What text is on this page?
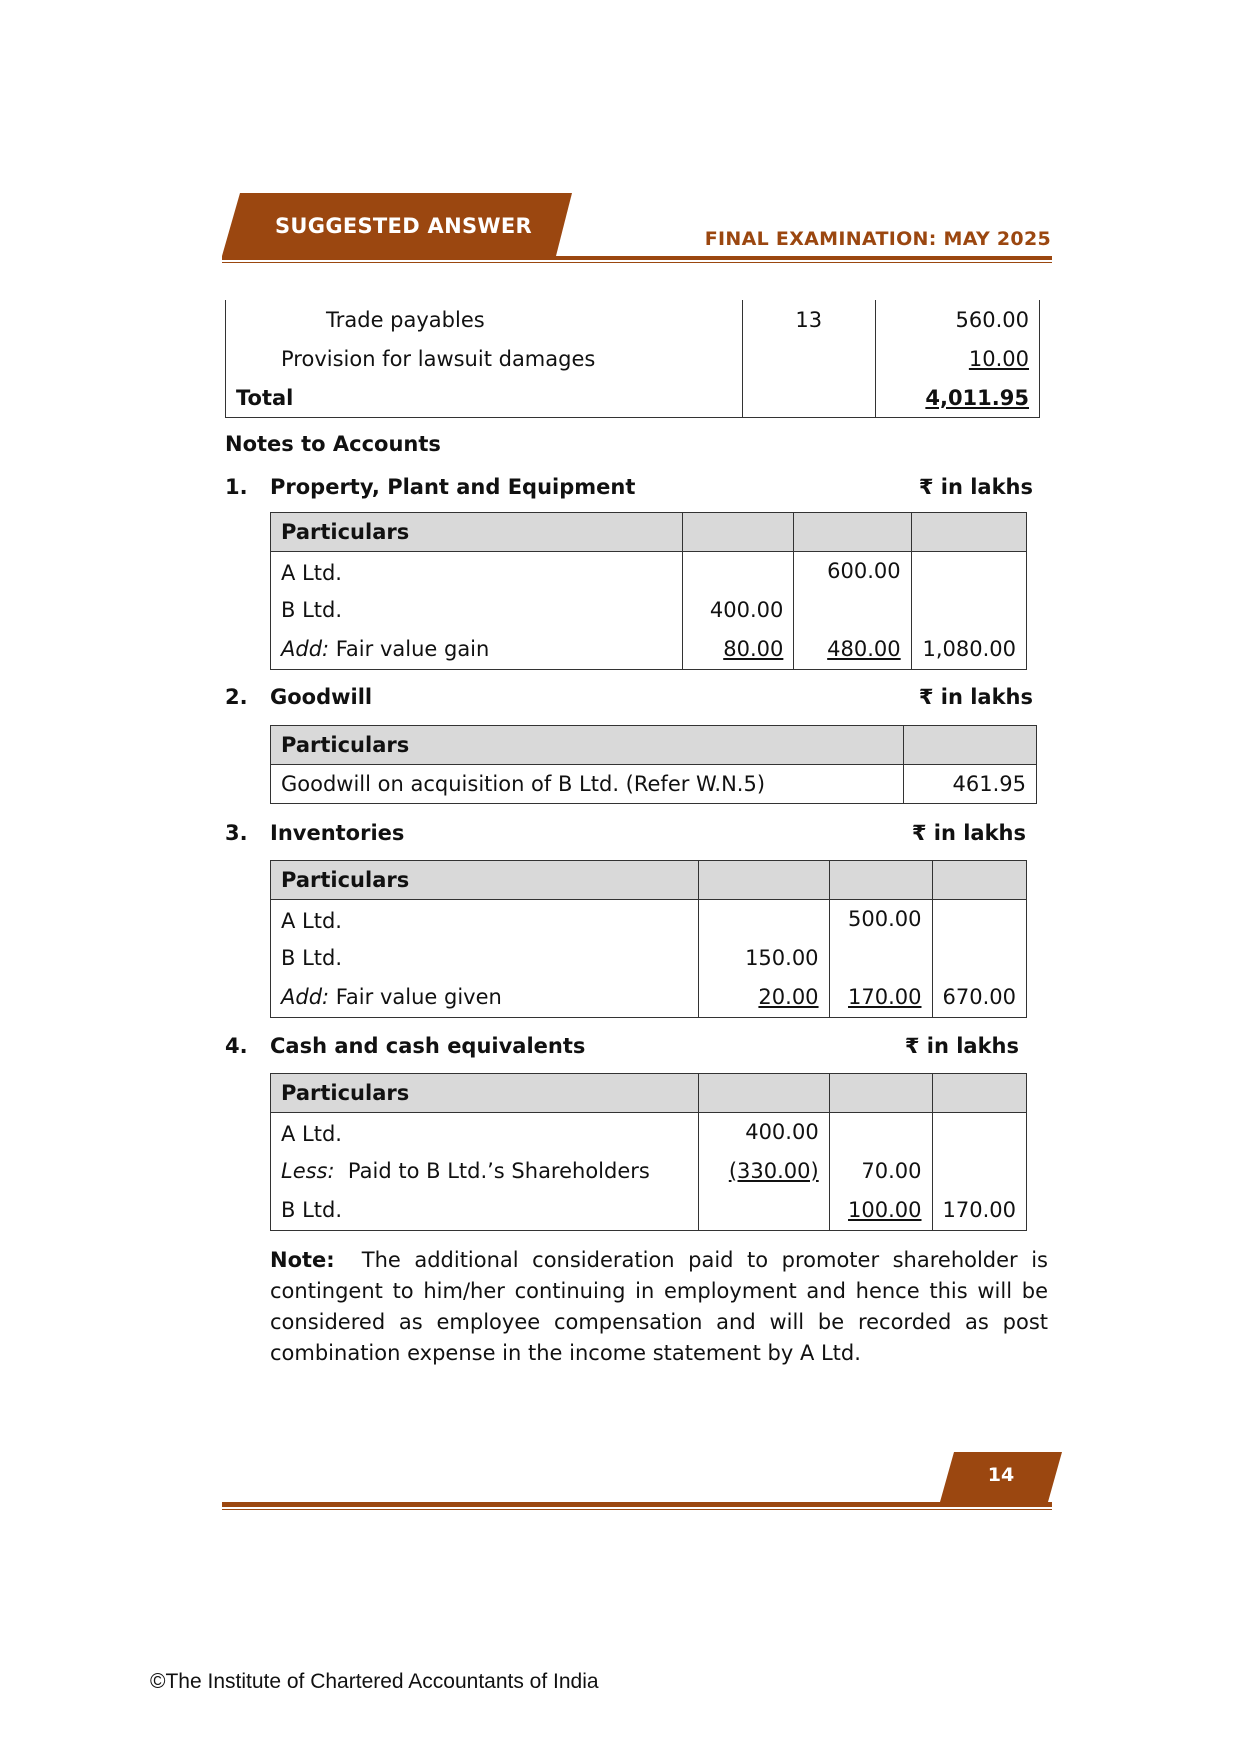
SUGGESTED ANSWER
FINAL EXAMINATION: MAY 2025
Trade payables	13	560.00
Provision for lawsuit damages		10.00
Total		4,011.95
Notes to Accounts
1. Property, Plant and Equipment	₹ in lakhs
Particulars			
A Ltd.		600.00	
B Ltd.	400.00		
Add: Fair value gain	80.00	480.00	1,080.00
2. Goodwill	₹ in lakhs
Particulars	
Goodwill on acquisition of B Ltd. (Refer W.N.5)	461.95
3. Inventories	₹ in lakhs
Particulars			
A Ltd.		500.00	
B Ltd.	150.00		
Add: Fair value given	20.00	170.00	670.00
4. Cash and cash equivalents	₹ in lakhs
Particulars			
A Ltd.	400.00		
Less:  Paid to B Ltd.’s Shareholders	(330.00)	70.00	
B Ltd.		100.00	170.00
Note: The additional consideration paid to promoter shareholder is contingent to him/her continuing in employment and hence this will be considered as employee compensation and will be recorded as post combination expense in the income statement by A Ltd.
14
©The Institute of Chartered Accountants of India
